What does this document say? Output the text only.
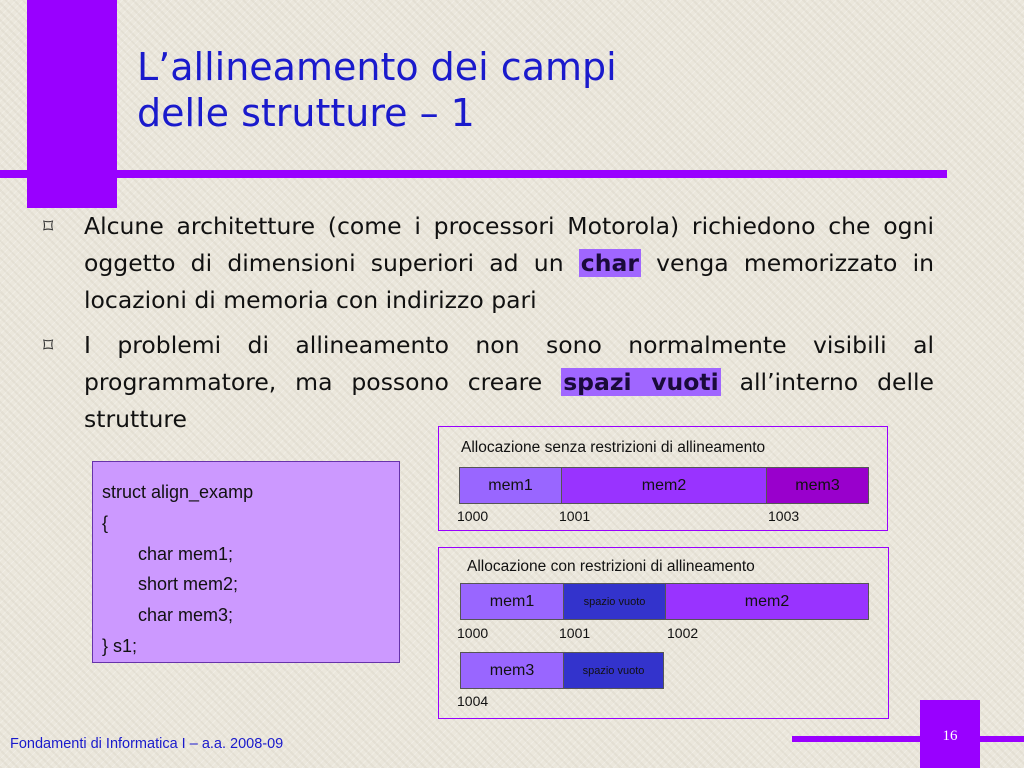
L’allineamento dei campi
delle strutture – 1
⌑ Alcune architetture (come i processori Motorola) richiedono che ogni oggetto di dimensioni superiori ad un char venga memorizzato in locazioni di memoria con indirizzo pari
⌑ I problemi di allineamento non sono normalmente visibili al programmatore, ma possono creare spazi vuoti all’interno delle strutture
struct align_examp
{
char mem1;
short mem2;
char mem3;
} s1;
Allocazione senza restrizioni di allineamento
mem1	mem2	mem3
1000	1001	1003
Allocazione con restrizioni di allineamento
mem1	spazio vuoto	mem2
1000	1001	1002
mem3	spazio vuoto
1004
Fondamenti di Informatica I – a.a. 2008-09	16
